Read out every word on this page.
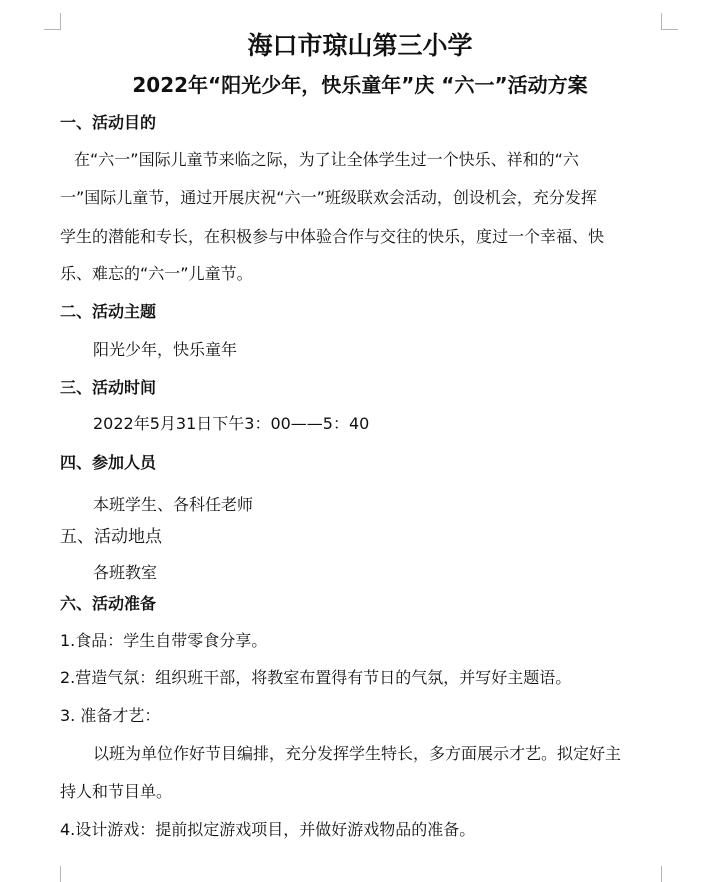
海口市琼山第三小学
2022年“阳光少年，快乐童年”庆 “六一”活动方案
一、活动目的
在“六一”国际儿童节来临之际，为了让全体学生过一个快乐、祥和的“六
一”国际儿童节，通过开展庆祝“六一”班级联欢会活动，创设机会，充分发挥
学生的潜能和专长，在积极参与中体验合作与交往的快乐，度过一个幸福、快
乐、难忘的“六一”儿童节。
二、活动主题
阳光少年，快乐童年
三、活动时间
2022年5月31日下午3：00——5：40
四、参加人员
本班学生、各科任老师
五、活动地点
各班教室
六、活动准备
1.食品：学生自带零食分享。
2.营造气氛：组织班干部，将教室布置得有节日的气氛，并写好主题语。
3. 准备才艺：
以班为单位作好节目编排，充分发挥学生特长，多方面展示才艺。拟定好主
持人和节目单。
4.设计游戏：提前拟定游戏项目，并做好游戏物品的准备。
